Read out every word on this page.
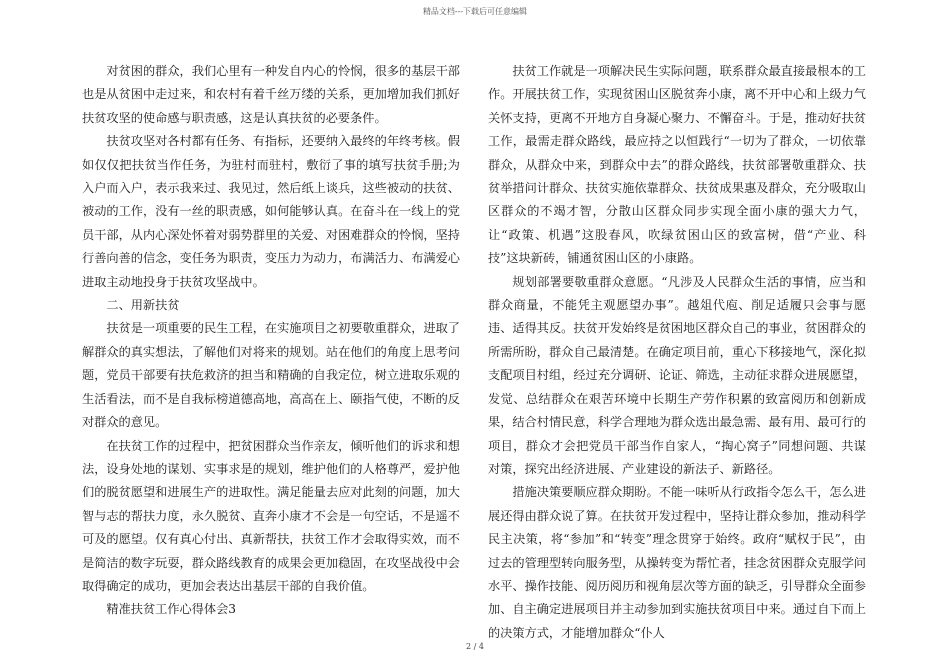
精品文档---下载后可任意编辑

对贫困的群众，我们心里有一种发自内心的怜悯，很多的基层干部也是从贫困中走过来，和农村有着千丝万缕的关系，更加增加我们抓好扶贫攻坚的使命感与职责感，这是认真扶贫的必要条件。

扶贫攻坚对各村都有任务、有指标，还要纳入最终的年终考核。假如仅仅把扶贫当作任务，为驻村而驻村，敷衍了事的填写扶贫手册;为入户而入户，表示我来过、我见过，然后纸上谈兵，这些被动的扶贫、被动的工作，没有一丝的职责感，如何能够认真。在奋斗在一线上的党员干部，从内心深处怀着对弱势群里的关爱、对困难群众的怜悯，坚持行善向善的信念，变任务为职责，变压力为动力，布满活力、布满爱心进取主动地投身于扶贫攻坚战中。

二、用新扶贫

扶贫是一项重要的民生工程，在实施项目之初要敬重群众，进取了解群众的真实想法，了解他们对将来的规划。站在他们的角度上思考问题，党员干部要有扶危救济的担当和精确的自我定位，树立进取乐观的生活看法，而不是自我标榜道德高地，高高在上、颐指气使，不断的反对群众的意见。

在扶贫工作的过程中，把贫困群众当作亲友，倾听他们的诉求和想法，设身处地的谋划、实事求是的规划，维护他们的人格尊严，爱护他们的脱贫愿望和进展生产的进取性。满足能量去应对此刻的问题，加大智与志的帮扶力度，永久脱贫、直奔小康才不会是一句空话，不是遥不可及的愿望。仅有真心付出、真新帮扶，扶贫工作才会取得实效，而不是简洁的数字玩耍，群众路线教育的成果会更加稳固，在攻坚战役中会取得确定的成功，更加会表达出基层干部的自我价值。

精准扶贫工作心得体会3

扶贫工作就是一项解决民生实际问题，联系群众最直接最根本的工作。开展扶贫工作，实现贫困山区脱贫奔小康，离不开中心和上级力气关怀支持，更离不开地方自身凝心聚力、不懈奋斗。于是，推动好扶贫工作，最需走群众路线，最应持之以恒践行“一切为了群众，一切依靠群众，从群众中来，到群众中去”的群众路线，扶贫部署敬重群众、扶贫举措问计群众、扶贫实施依靠群众、扶贫成果惠及群众，充分吸取山区群众的不竭才智，分散山区群众同步实现全面小康的强大力气，让“政策、机遇”这股春风，吹绿贫困山区的致富树，借“产业、科技”这块新砖，铺通贫困山区的小康路。

规划部署要敬重群众意愿。“凡涉及人民群众生活的事情，应当和群众商量，不能凭主观愿望办事”。越俎代庖、削足适履只会事与愿违、适得其反。扶贫开发始终是贫困地区群众自己的事业，贫困群众的所需所盼，群众自己最清楚。在确定项目前，重心下移接地气，深化拟支配项目村组，经过充分调研、论证、筛选，主动征求群众进展愿望，发觉、总结群众在艰苦环境中长期生产劳作积累的致富阅历和创新成果，结合村情民意，科学合理地为群众选出最急需、最有用、最可行的项目，群众才会把党员干部当作自家人，“掏心窝子”同想问题、共谋对策，探究出经济进展、产业建设的新法子、新路径。

措施决策要顺应群众期盼。不能一味听从行政指令怎么干，怎么进展还得由群众说了算。在扶贫开发过程中，坚持让群众参加，推动科学民主决策，将“参加”和“转变”理念贯穿于始终。政府“赋权于民”，由过去的管理型转向服务型，从操转变为帮忙者，挂念贫困群众克服学问水平、操作技能、阅历阅历和视角层次等方面的缺乏，引导群众全面参加、自主确定进展项目并主动参加到实施扶贫项目中来。通过自下而上的决策方式，才能增加群众“仆人

2 / 4
